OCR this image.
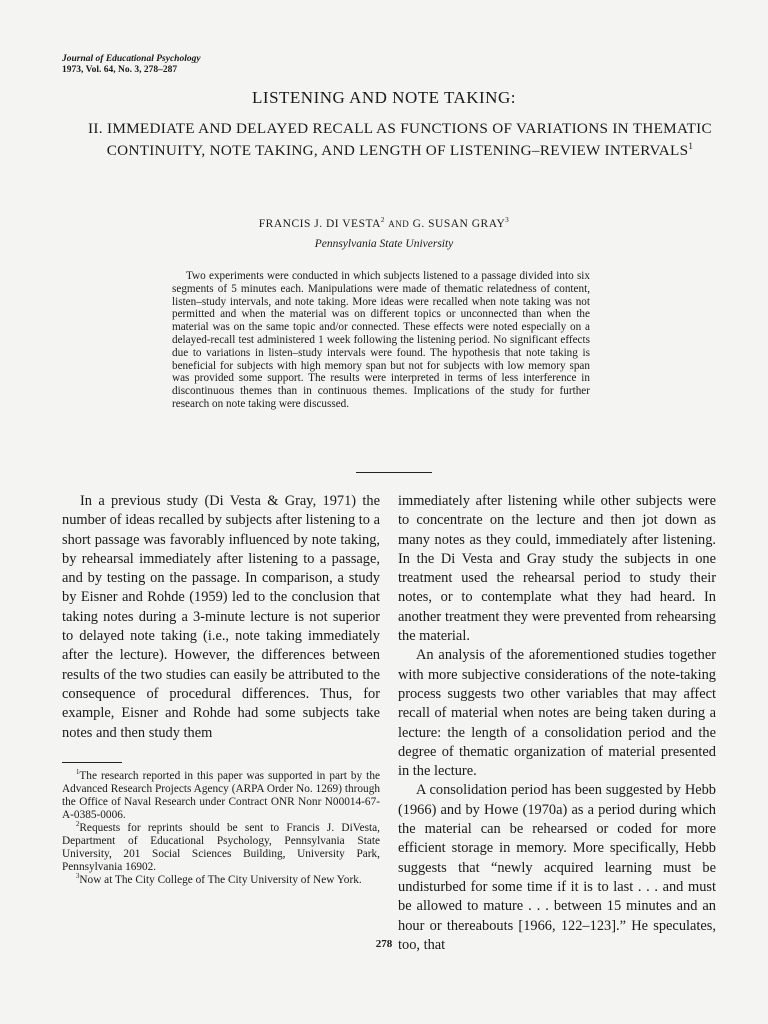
Journal of Educational Psychology
1973, Vol. 64, No. 3, 278–287
LISTENING AND NOTE TAKING:
II. IMMEDIATE AND DELAYED RECALL AS FUNCTIONS OF VARIATIONS IN THEMATIC CONTINUITY, NOTE TAKING, AND LENGTH OF LISTENING–REVIEW INTERVALS$^1$
FRANCIS J. DI VESTA$^2$ AND G. SUSAN GRAY$^3$
Pennsylvania State University
Two experiments were conducted in which subjects listened to a passage divided into six segments of 5 minutes each. Manipulations were made of thematic relatedness of content, listen–study intervals, and note taking. More ideas were recalled when note taking was not permitted and when the material was on different topics or unconnected than when the material was on the same topic and/or connected. These effects were noted especially on a delayed-recall test administered 1 week following the listening period. No significant effects due to variations in listen–study intervals were found. The hypothesis that note taking is beneficial for subjects with high memory span but not for subjects with low memory span was provided some support. The results were interpreted in terms of less interference in discontinuous themes than in continuous themes. Implications of the study for further research on note taking were discussed.

In a previous study (Di Vesta & Gray, 1971) the number of ideas recalled by subjects after listening to a short passage was favorably influenced by note taking, by rehearsal immediately after listening to a passage, and by testing on the passage. In comparison, a study by Eisner and Rohde (1959) led to the conclusion that taking notes during a 3-minute lecture is not superior to delayed note taking (i.e., note taking immediately after the lecture). However, the differences between results of the two studies can easily be attributed to the consequence of procedural differences. Thus, for example, Eisner and Rohde had some subjects take notes and then study them

immediately after listening while other subjects were to concentrate on the lecture and then jot down as many notes as they could, immediately after listening. In the Di Vesta and Gray study the subjects in one treatment used the rehearsal period to study their notes, or to contemplate what they had heard. In another treatment they were prevented from rehearsing the material.

An analysis of the aforementioned studies together with more subjective considerations of the note-taking process suggests two other variables that may affect recall of material when notes are being taken during a lecture: the length of a consolidation period and the degree of thematic organization of material presented in the lecture.

A consolidation period has been suggested by Hebb (1966) and by Howe (1970a) as a period during which the material can be rehearsed or coded for more efficient storage in memory. More specifically, Hebb suggests that “newly acquired learning must be undisturbed for some time if it is to last . . . and must be allowed to mature . . . between 15 minutes and an hour or thereabouts [1966, 122–123].” He speculates, too, that

$^1$The research reported in this paper was supported in part by the Advanced Research Projects Agency (ARPA Order No. 1269) through the Office of Naval Research under Contract ONR Nonr N00014-67-A-0385-0006.

$^2$Requests for reprints should be sent to Francis J. DiVesta, Department of Educational Psychology, Pennsylvania State University, 201 Social Sciences Building, University Park, Pennsylvania 16902.

$^3$Now at The City College of The City University of New York.

278
